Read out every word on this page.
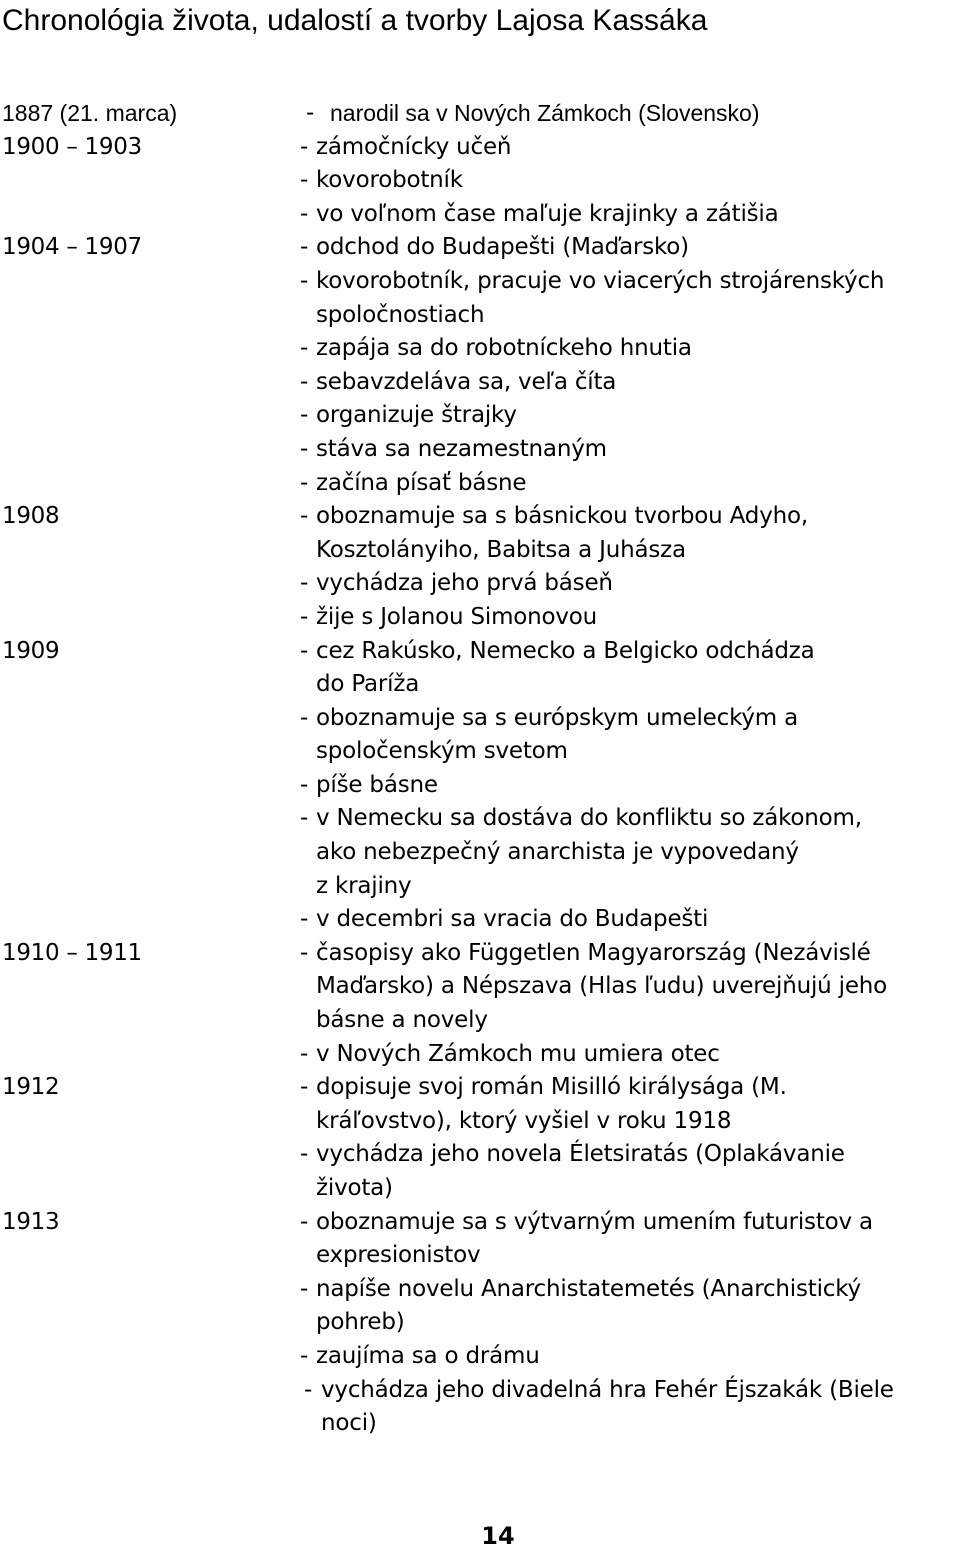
Chronológia života, udalostí a tvorby Lajosa Kassáka
1887 (21. marca)	- narodil sa v Nových Zámkoch (Slovensko)
1900 – 1903	- zámočnícky učeň
- kovorobotník
- vo voľnom čase maľuje krajinky a zátišia
1904 – 1907	- odchod do Budapešti (Maďarsko)
- kovorobotník, pracuje vo viacerých strojárenských
spoločnostiach
- zapája sa do robotníckeho hnutia
- sebavzdeláva sa, veľa číta
- organizuje štrajky
- stáva sa nezamestnaným
- začína písať básne
1908	- oboznamuje sa s básnickou tvorbou Adyho,
Kosztolányiho, Babitsa a Juhásza
- vychádza jeho prvá báseň
- žije s Jolanou Simonovou
1909	- cez Rakúsko, Nemecko a Belgicko odchádza
do Paríža
- oboznamuje sa s európskym umeleckým a
spoločenským svetom
- píše básne
- v Nemecku sa dostáva do konfliktu so zákonom,
ako nebezpečný anarchista je vypovedaný
z krajiny
- v decembri sa vracia do Budapešti
1910 – 1911	- časopisy ako Független Magyarország (Nezávislé
Maďarsko) a Népszava (Hlas ľudu) uverejňujú jeho
básne a novely
- v Nových Zámkoch mu umiera otec
1912	- dopisuje svoj román Misilló királysága (M.
kráľovstvo), ktorý vyšiel v roku 1918
- vychádza jeho novela Életsiratás (Oplakávanie
života)
1913	- oboznamuje sa s výtvarným umením futuristov a
expresionistov
- napíše novelu Anarchistatemetés (Anarchistický
pohreb)
- zaujíma sa o drámu
- vychádza jeho divadelná hra Fehér Éjszakák (Biele
noci)
14
